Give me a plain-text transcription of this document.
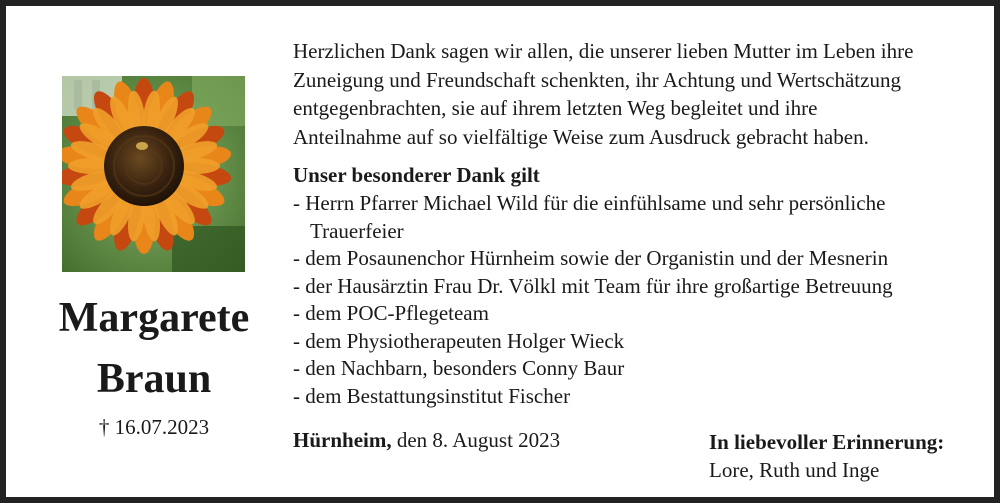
Margarete
Braun
† 16.07.2023
Herzlichen Dank sagen wir allen, die unserer lieben Mutter im Leben ihre
Zuneigung und Freundschaft schenkten, ihr Achtung und Wertschätzung
entgegenbrachten, sie auf ihrem letzten Weg begleitet und ihre
Anteilnahme auf so vielfältige Weise zum Ausdruck gebracht haben.
Unser besonderer Dank gilt
- Herrn Pfarrer Michael Wild für die einfühlsame und sehr persönliche
Trauerfeier
- dem Posaunenchor Hürnheim sowie der Organistin und der Mesnerin
- der Hausärztin Frau Dr. Völkl mit Team für ihre großartige Betreuung
- dem POC-Pflegeteam
- dem Physiotherapeuten Holger Wieck
- den Nachbarn, besonders Conny Baur
- dem Bestattungsinstitut Fischer
Hürnheim, den 8. August 2023	In liebevoller Erinnerung:
Lore, Ruth und Inge
